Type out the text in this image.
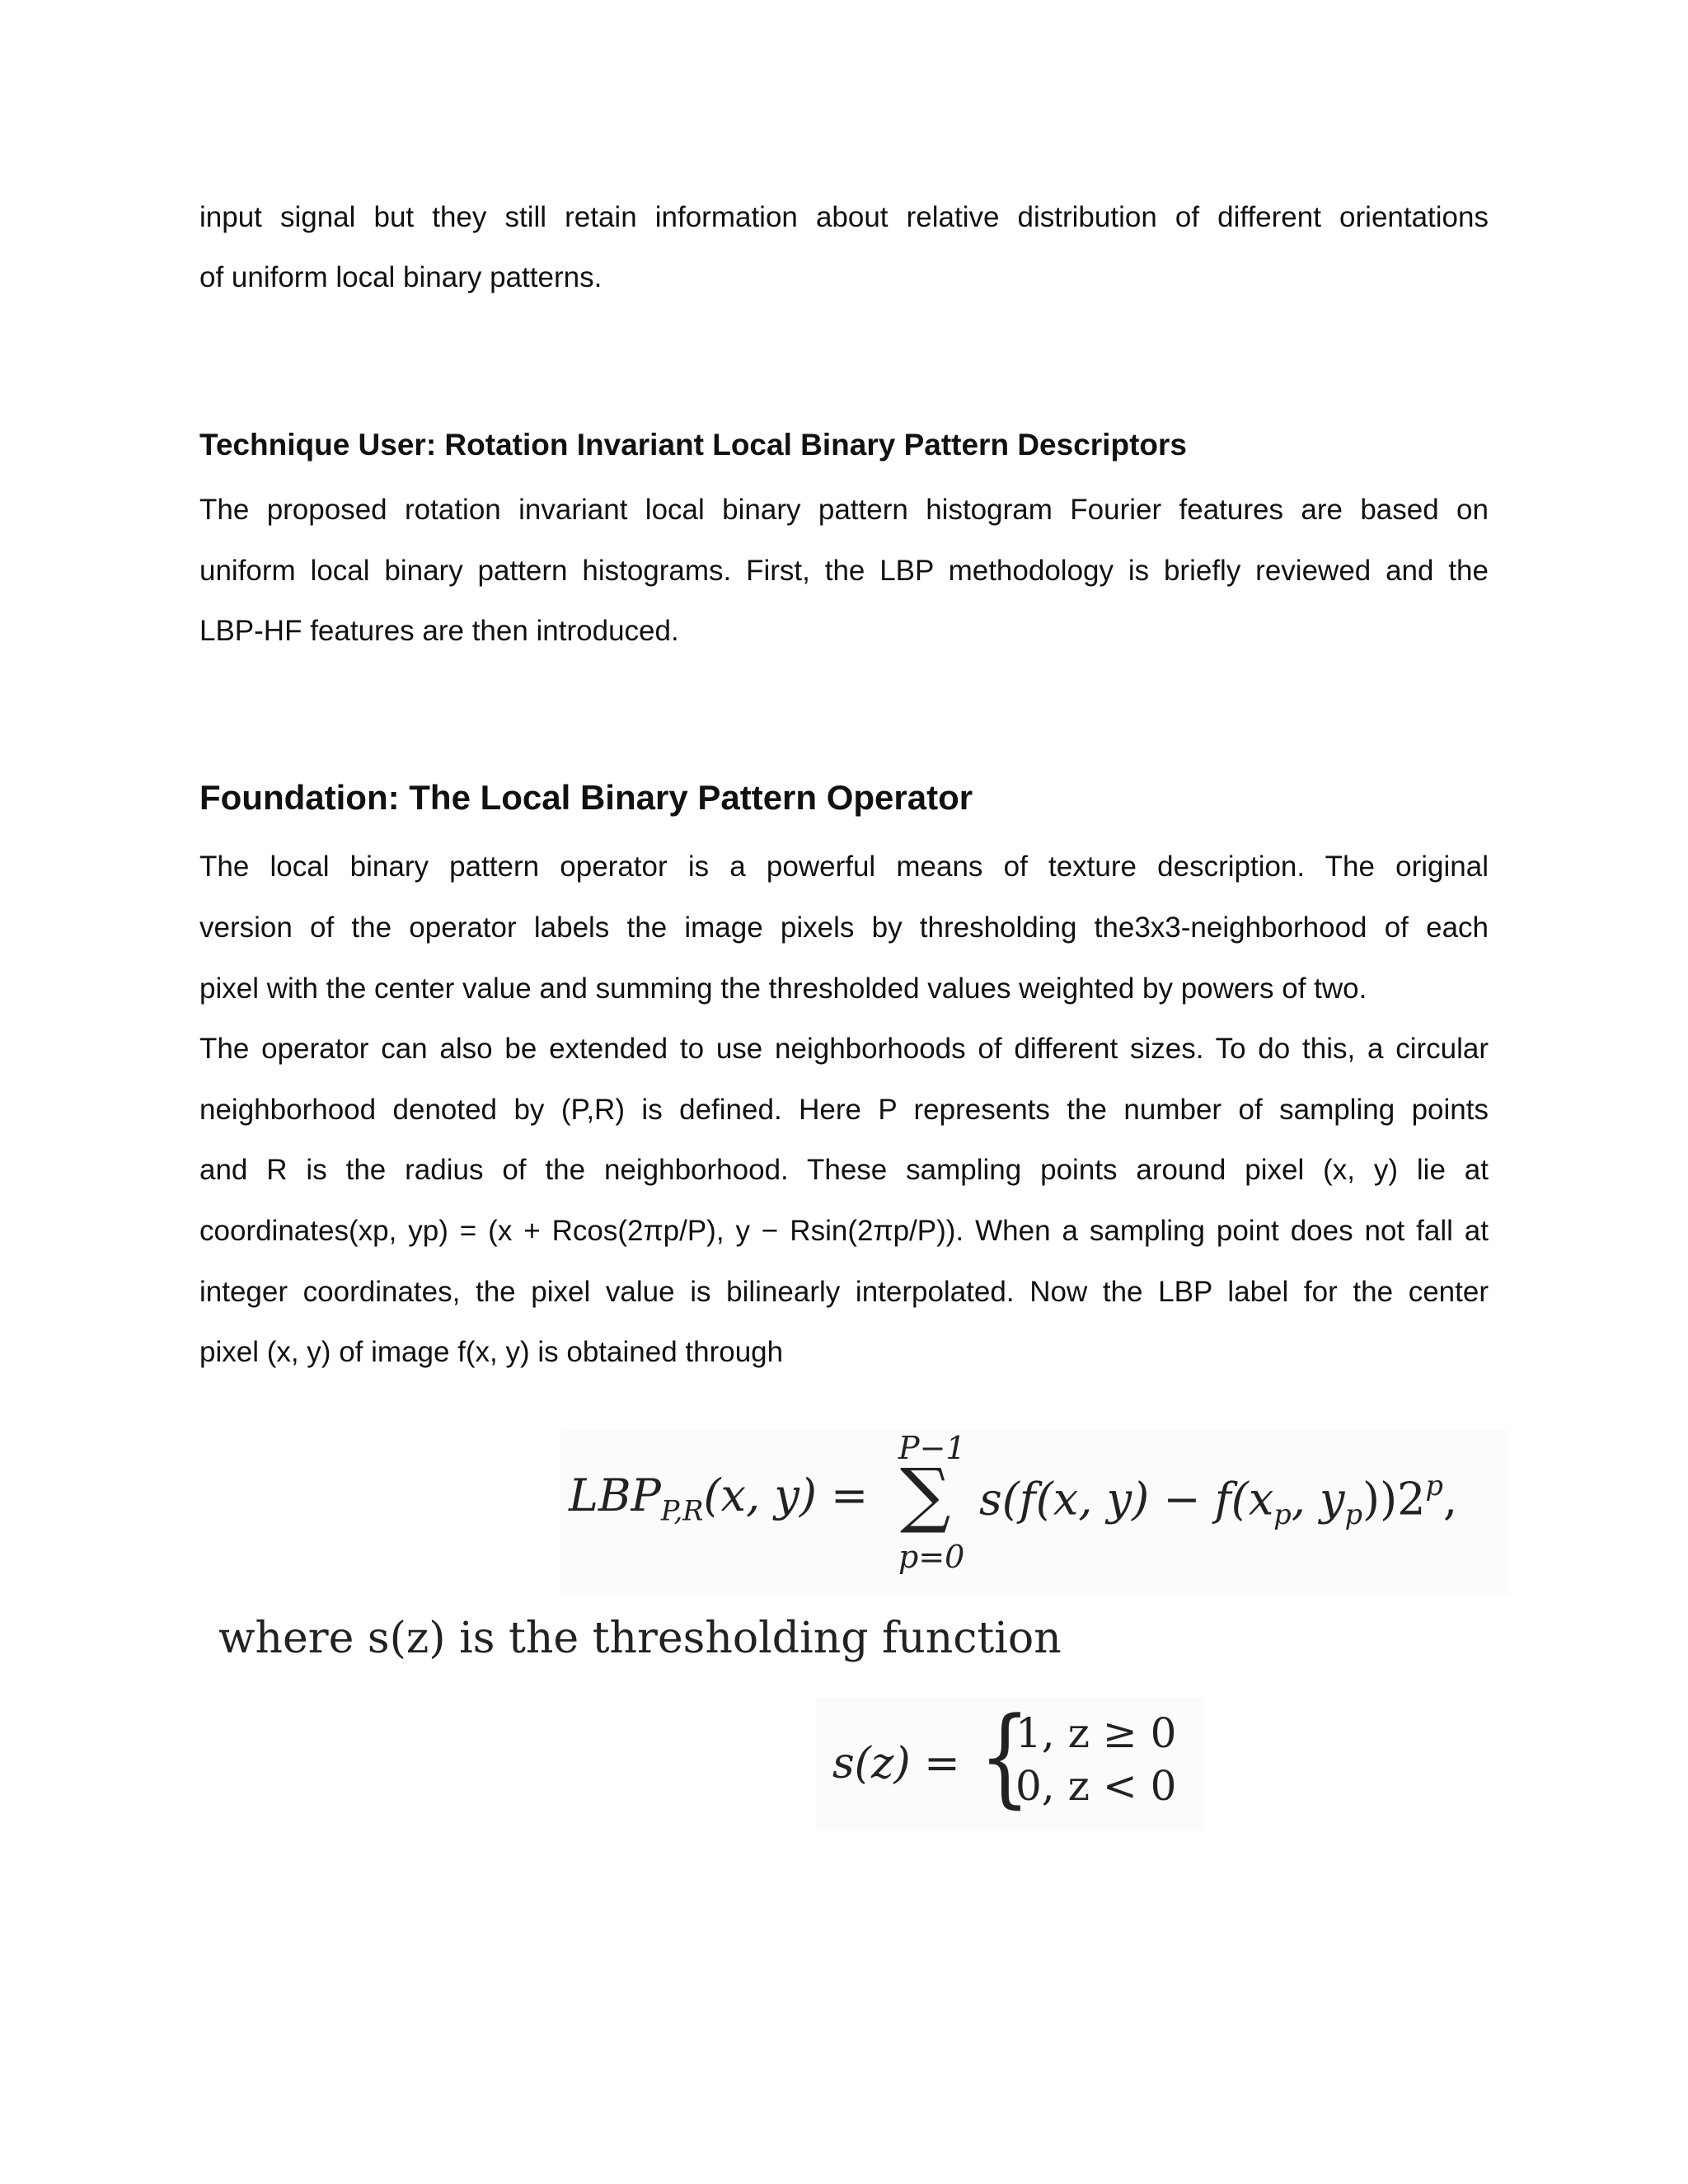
input signal but they still retain information about relative distribution of different orientations
of uniform local binary patterns.
Technique User: Rotation Invariant Local Binary Pattern Descriptors
The proposed rotation invariant local binary pattern histogram Fourier features are based on
uniform local binary pattern histograms. First, the LBP methodology is briefly reviewed and the
LBP-HF features are then introduced.
Foundation: The Local Binary Pattern Operator
The local binary pattern operator is a powerful means of texture description. The original
version of the operator labels the image pixels by thresholding the3x3-neighborhood of each
pixel with the center value and summing the thresholded values weighted by powers of two.
The operator can also be extended to use neighborhoods of different sizes. To do this, a circular
neighborhood denoted by (P,R) is defined. Here P represents the number of sampling points
and R is the radius of the neighborhood. These sampling points around pixel (x, y) lie at
coordinates(xp, yp) = (x + Rcos(2πp/P), y − Rsin(2πp/P)). When a sampling point does not fall at
integer coordinates, the pixel value is bilinearly interpolated. Now the LBP label for the center
pixel (x, y) of image f(x, y) is obtained through
$LBP_{P,R}(x$, y) =
P−1
∑
p=0
s(f(x, $y) - f(x_p$, $y_p))2^p$,
where s(z) is the thresholding function
s(z) = {
1, z ≥ 0
0, z < 0
